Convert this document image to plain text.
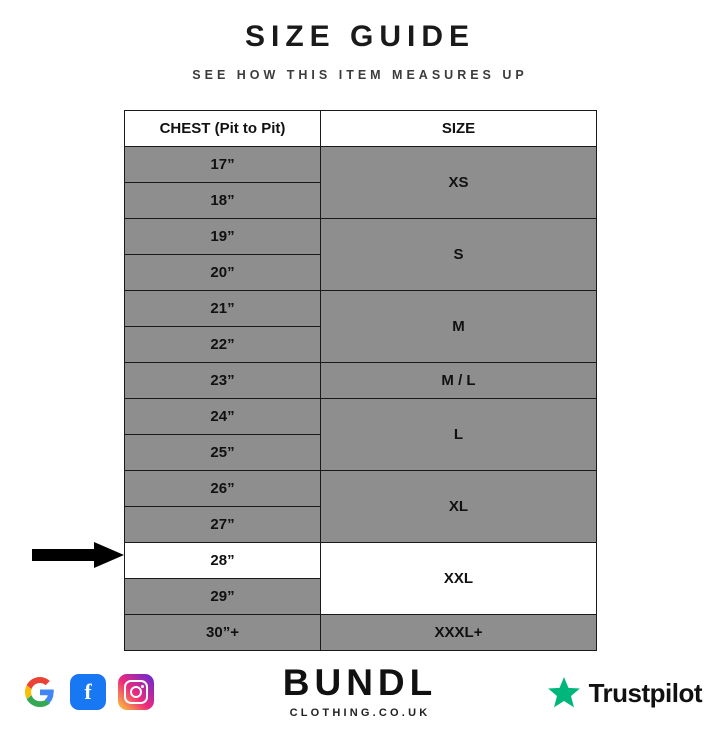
SIZE GUIDE
SEE HOW THIS ITEM MEASURES UP
CHEST (Pit to Pit)	SIZE
17”	XS
18”	
19”	S
20”	
21”	M
22”	
23”	M / L
24”	L
25”	
26”	XL
27”	
28”	XXL
29”	
30”+	XXXL+
f	BUNDL
CLOTHING.CO.UK
Trustpilot
